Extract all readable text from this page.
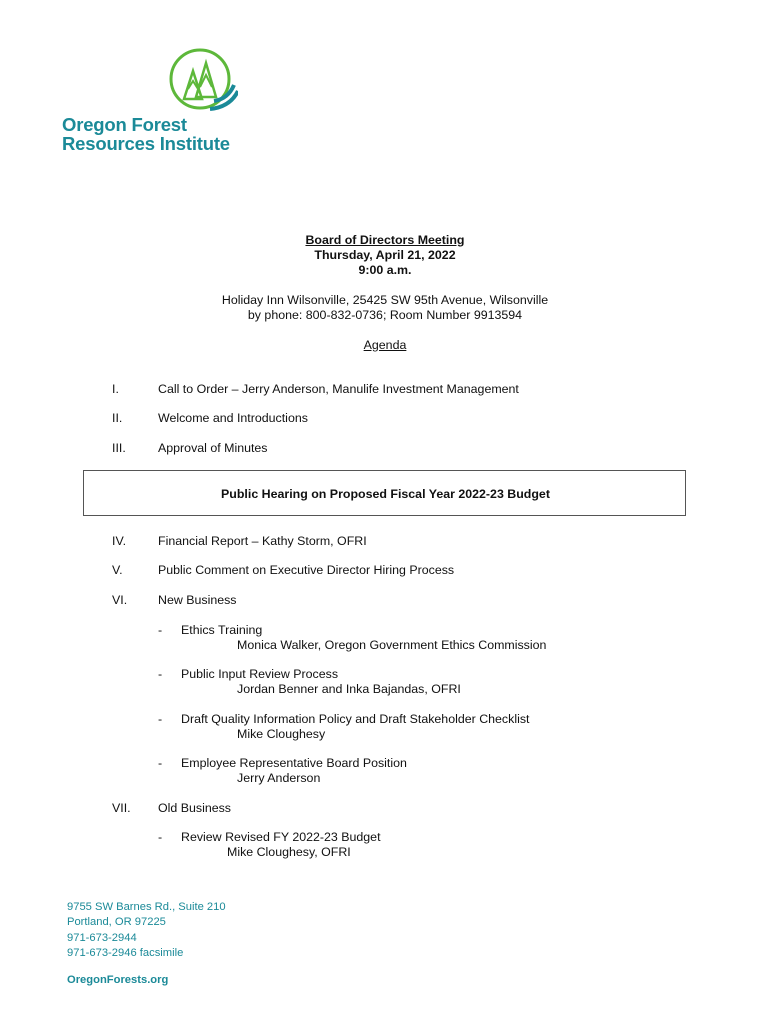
Oregon Forest
Resources Institute
Board of Directors Meeting
Thursday, April 21, 2022
9:00 a.m.
Holiday Inn Wilsonville, 25425 SW 95th Avenue, Wilsonville
by phone: 800-832-0736; Room Number 9913594
Agenda
I.	Call to Order – Jerry Anderson, Manulife Investment Management
II.	Welcome and Introductions
III.	Approval of Minutes
Public Hearing on Proposed Fiscal Year 2022-23 Budget
IV.	Financial Report – Kathy Storm, OFRI
V.	Public Comment on Executive Director Hiring Process
VI. New Business
- Ethics Training
Monica Walker, Oregon Government Ethics Commission
- Public Input Review Process
Jordan Benner and Inka Bajandas, OFRI
- Draft Quality Information Policy and Draft Stakeholder Checklist
Mike Cloughesy
- Employee Representative Board Position
Jerry Anderson
VII. Old Business
- Review Revised FY 2022-23 Budget
Mike Cloughesy, OFRI
9755 SW Barnes Rd., Suite 210
Portland, OR 97225
971-673-2944
971-673-2946 facsimile
OregonForests.org
